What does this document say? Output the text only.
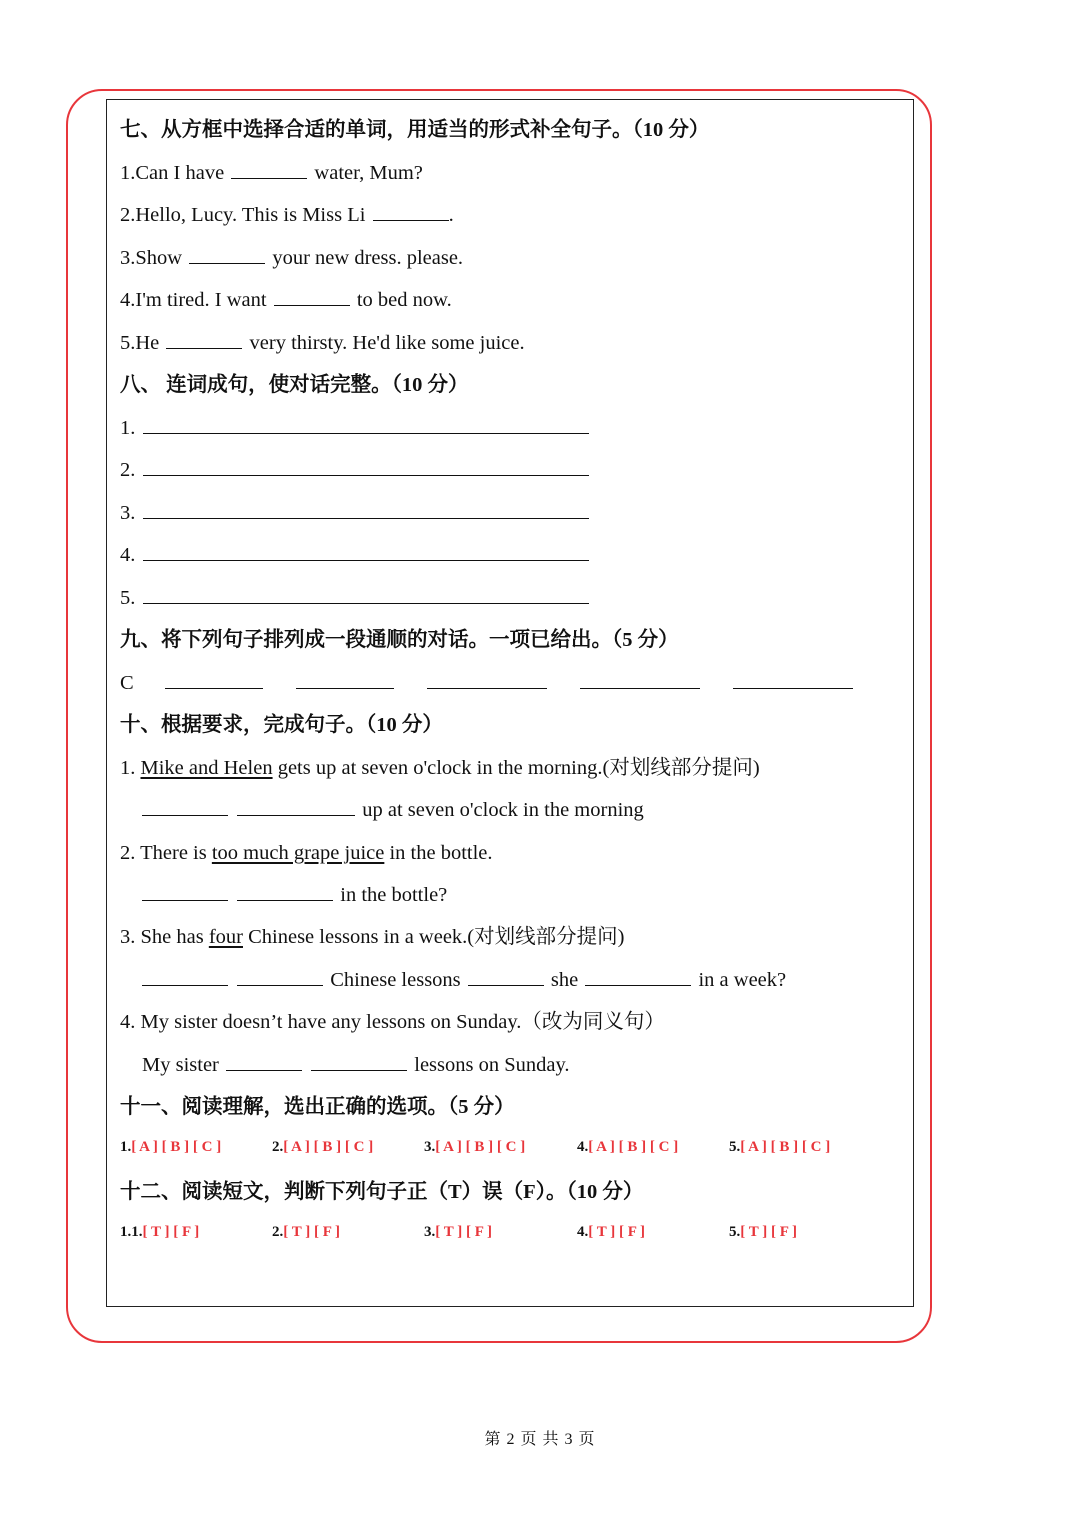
七、从方框中选择合适的单词，用适当的形式补全句子。（10 分）
1.Can I have	water, Mum?
2.Hello, Lucy. This is Miss Li	.
3.Show	your new dress. please.
4.I'm tired. I want	to bed now.
5.He	very thirsty. He'd like some juice.
八、 连词成句，使对话完整。（10 分）
1.
2.
3.
4.
5.
九、将下列句子排列成一段通顺的对话。一项已给出。（5 分）
C
十、根据要求，完成句子。（10 分）
1. Mike and Helen gets up at seven o'clock in the morning.(对划线部分提问)
up at seven o'clock in the morning
2. There is too much grape juice in the bottle.
in the bottle?
3. She has four Chinese lessons in a week.(对划线部分提问)
Chinese lessons	she	in a week?
4. My sister doesn’t have any lessons on Sunday.（改为同义句）
My sister	lessons on Sunday.
十一、阅读理解，选出正确的选项。（5 分）
1.[ A ] [ B ] [ C ]	2.[ A ] [ B ] [ C ]	3.[ A ] [ B ] [ C ]	4.[ A ] [ B ] [ C ]	5.[ A ] [ B ] [ C ]
十二、阅读短文，判断下列句子正（T）误（F）。（10 分）
1.1.[ T ] [ F ]	2.[ T ] [ F ]	3.[ T ] [ F ]	4.[ T ] [ F ]	5.[ T ] [ F ]
第 2 页 共 3 页
